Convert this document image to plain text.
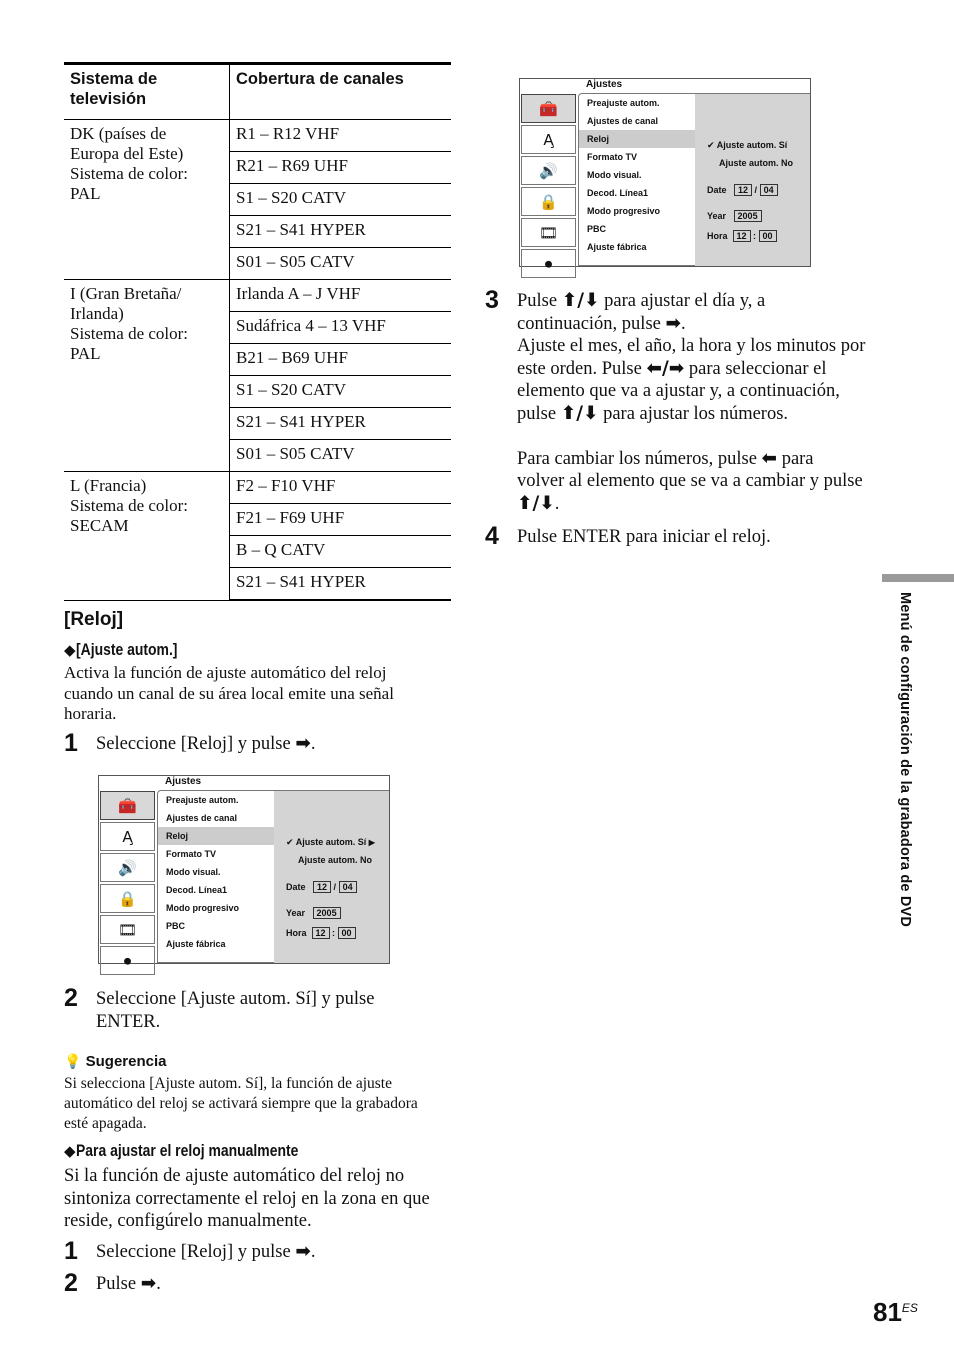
Sistema de televisión	Cobertura de canales

DK (países de
Europa del Este)
Sistema de color:
PAL	R1 – R12 VHF
	R21 – R69 UHF
	S1 – S20 CATV
	S21 – S41 HYPER
	S01 – S05 CATV

I (Gran Bretaña/
Irlanda)
Sistema de color:
PAL	Irlanda A – J VHF
	Sudáfrica 4 – 13 VHF
	B21 – B69 UHF
	S1 – S20 CATV
	S21 – S41 HYPER
	S01 – S05 CATV

L (Francia)
Sistema de color:
SECAM	F2 – F10 VHF
	F21 – F69 UHF
	B – Q CATV
	S21 – S41 HYPER
[Reloj]
◆[Ajuste autom.]
Activa la función de ajuste automático del reloj
cuando un canal de su área local emite una señal
horaria.
1 Seleccione [Reloj] y pulse ➡.
Ajustes
🧰
A̧
🔊
🔒
🎞
⏺
Preajuste autom.
Ajustes de canal
Reloj
Formato TV
Modo visual.
Decod. Línea1
Modo progresivo
PBC
Ajuste fábrica
✔ Ajuste autom. Sí ▶
Ajuste autom. No
Date 12 / 04
Year 2005
Hora 12 : 00
2 Seleccione [Ajuste autom. Sí] y pulse
ENTER.
💡 Sugerencia
Si selecciona [Ajuste autom. Sí], la función de ajuste
automático del reloj se activará siempre que la grabadora
esté apagada.
◆Para ajustar el reloj manualmente
Si la función de ajuste automático del reloj no
sintoniza correctamente el reloj en la zona en que
reside, configúrelo manualmente.
1 Seleccione [Reloj] y pulse ➡.
2 Pulse ➡.
Ajustes
🧰
A̧
🔊
🔒
🎞
⏺
Preajuste autom.
Ajustes de canal
Reloj
Formato TV
Modo visual.
Decod. Línea1
Modo progresivo
PBC
Ajuste fábrica
✔ Ajuste autom. Sí
Ajuste autom. No
Date 12 / 04
Year 2005
Hora 12 : 00
3 Pulse ⬆/⬇ para ajustar el día y, a
continuación, pulse ➡.
Ajuste el mes, el año, la hora y los minutos por
este orden. Pulse ⬅/➡ para seleccionar el
elemento que va a ajustar y, a continuación,
pulse ⬆/⬇ para ajustar los números.
Para cambiar los números, pulse ⬅ para
volver al elemento que se va a cambiar y pulse
⬆/⬇.
4 Pulse ENTER para iniciar el reloj.
Menú de configuración de la grabadora de DVD
$81^{ES}$
